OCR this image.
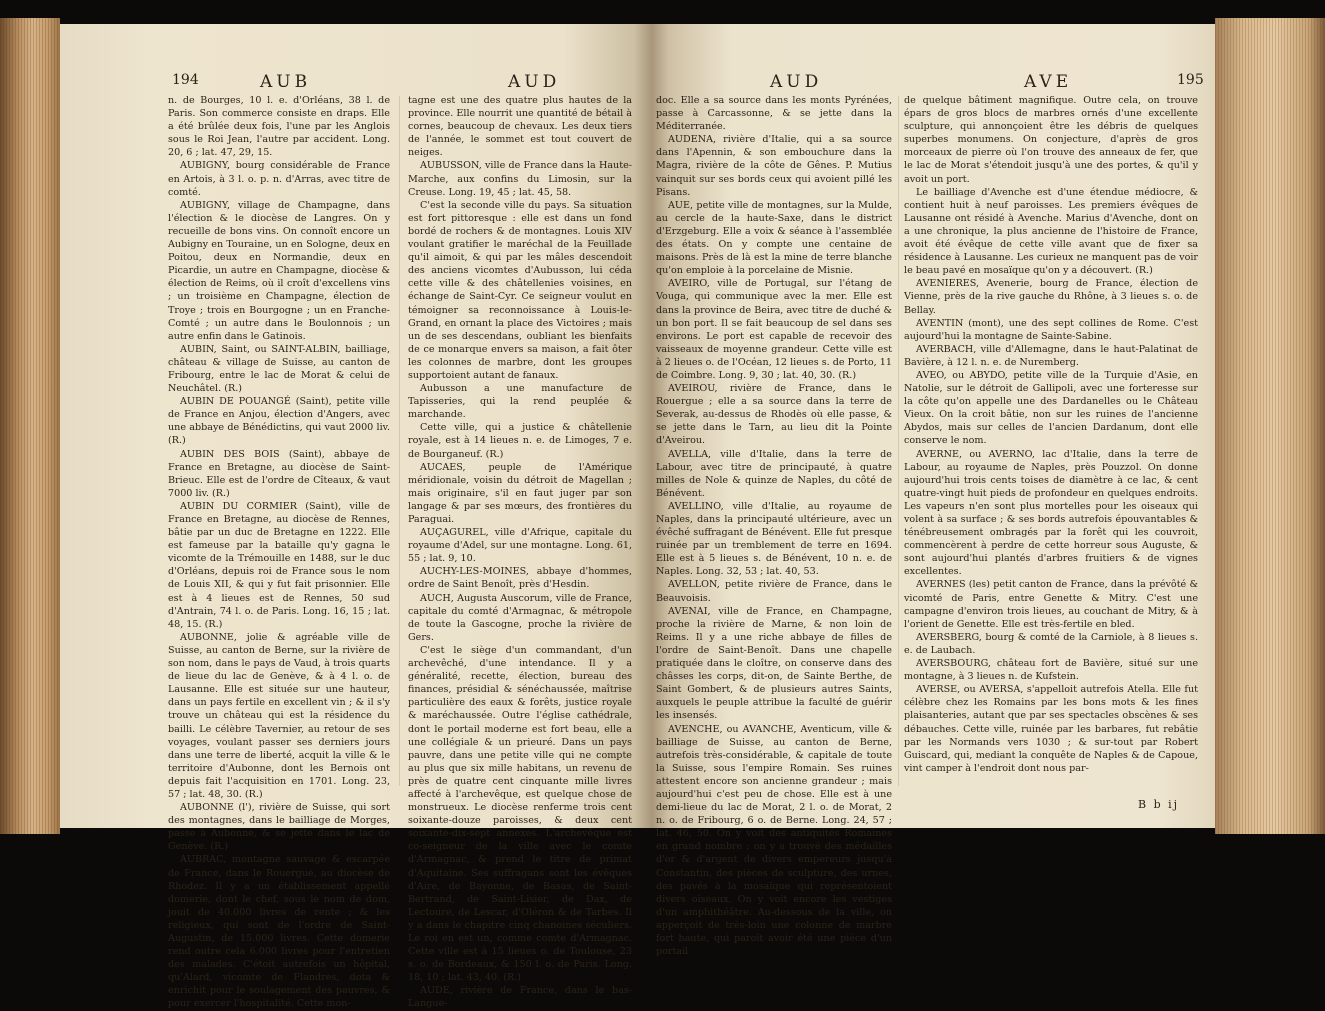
194	AUB	AUD

n. de Bourges, 10 l. e. d'Orléans, 38 l. de Paris. Son commerce consiste en draps. Elle a été brûlée deux fois, l'une par les Anglois sous le Roi Jean, l'autre par accident. Long. 20, 6 ; lat. 47, 29, 15.

AUBIGNY, bourg considérable de France en Artois, à 3 l. o. p. n. d'Arras, avec titre de comté.

AUBIGNY, village de Champagne, dans l'élection & le diocèse de Langres. On y recueille de bons vins. On connoît encore un Aubigny en Touraine, un en Sologne, deux en Poitou, deux en Normandie, deux en Picardie, un autre en Champagne, diocèse & élection de Reims, où il croît d'excellens vins ; un troisième en Champagne, élection de Troye ; trois en Bourgogne ; un en Franche-Comté ; un autre dans le Boulonnois ; un autre enfin dans le Gatinois.

AUBIN, Saint, ou SAINT-ALBIN, bailliage, château & village de Suisse, au canton de Fribourg, entre le lac de Morat & celui de Neuchâtel. (R.)

AUBIN DE POUANGÉ (Saint), petite ville de France en Anjou, élection d'Angers, avec une abbaye de Bénédictins, qui vaut 2000 liv. (R.)

AUBIN DES BOIS (Saint), abbaye de France en Bretagne, au diocèse de Saint-Brieuc. Elle est de l'ordre de Cîteaux, & vaut 7000 liv. (R.)

AUBIN DU CORMIER (Saint), ville de France en Bretagne, au diocèse de Rennes, bâtie par un duc de Bretagne en 1222. Elle est fameuse par la bataille qu'y gagna le vicomte de la Trémouille en 1488, sur le duc d'Orléans, depuis roi de France sous le nom de Louis XII, & qui y fut fait prisonnier. Elle est à 4 lieues est de Rennes, 50 sud d'Antrain, 74 l. o. de Paris. Long. 16, 15 ; lat. 48, 15. (R.)

AUBONNE, jolie & agréable ville de Suisse, au canton de Berne, sur la rivière de son nom, dans le pays de Vaud, à trois quarts de lieue du lac de Genève, & à 4 l. o. de Lausanne. Elle est située sur une hauteur, dans un pays fertile en excellent vin ; & il s'y trouve un château qui est la résidence du bailli. Le célèbre Tavernier, au retour de ses voyages, voulant passer ses derniers jours dans une terre de liberté, acquit la ville & le territoire d'Aubonne, dont les Bernois ont depuis fait l'acquisition en 1701. Long. 23, 57 ; lat. 48, 30. (R.)

AUBONNE (l'), rivière de Suisse, qui sort des montagnes, dans le bailliage de Morges, passe à Aubonne, & se jette dans le lac de Genève. (R.)

AUBRAC, montagne sauvage & escarpée de France, dans le Rouergue, au diocèse de Rhodez. Il y a un établissement appellé domerie, dont le chef, sous le nom de dom, jouit de 40.000 livres de rente ; & les religieux, qui sont de l'ordre de Saint-Augustin, de 15.000 livres. Cette domerie rend outre cela 6.000 livres pour l'entretien des malades. C'étoit autrefois un hôpital, qu'Alard, vicomte de Flandres, dota & enrichit pour le soulagement des pauvres, & pour exercer l'hospitalité. Cette mon-

tagne est une des quatre plus hautes de la province. Elle nourrit une quantité de bétail à cornes, beaucoup de chevaux. Les deux tiers de l'année, le sommet est tout couvert de neiges.

AUBUSSON, ville de France dans la Haute-Marche, aux confins du Limosin, sur la Creuse. Long. 19, 45 ; lat. 45, 58.

C'est la seconde ville du pays. Sa situation est fort pittoresque : elle est dans un fond bordé de rochers & de montagnes. Louis XIV voulant gratifier le maréchal de la Feuillade qu'il aimoit, & qui par les mâles descendoit des anciens vicomtes d'Aubusson, lui céda cette ville & des châtellenies voisines, en échange de Saint-Cyr. Ce seigneur voulut en témoigner sa reconnoissance à Louis-le-Grand, en ornant la place des Victoires ; mais un de ses descendans, oubliant les bienfaits de ce monarque envers sa maison, a fait ôter les colonnes de marbre, dont les groupes supportoient autant de fanaux.

Aubusson a une manufacture de Tapisseries, qui la rend peuplée & marchande.

Cette ville, qui a justice & châtellenie royale, est à 14 lieues n. e. de Limoges, 7 e. de Bourganeuf. (R.)

AUCAES, peuple de l'Amérique méridionale, voisin du détroit de Magellan ; mais originaire, s'il en faut juger par son langage & par ses mœurs, des frontières du Paraguai.

AUÇAGUREL, ville d'Afrique, capitale du royaume d'Adel, sur une montagne. Long. 61, 55 ; lat. 9, 10.

AUCHY-LES-MOINES, abbaye d'hommes, ordre de Saint Benoît, près d'Hesdin.

AUCH, Augusta Auscorum, ville de France, capitale du comté d'Armagnac, & métropole de toute la Gascogne, proche la rivière de Gers.

C'est le siège d'un commandant, d'un archevêché, d'une intendance. Il y a généralité, recette, élection, bureau des finances, présidial & sénéchaussée, maîtrise particulière des eaux & forêts, justice royale & maréchaussée. Outre l'église cathédrale, dont le portail moderne est fort beau, elle a une collégiale & un prieuré. Dans un pays pauvre, dans une petite ville qui ne compte au plus que six mille habitans, un revenu de près de quatre cent cinquante mille livres affecté à l'archevêque, est quelque chose de monstrueux. Le diocèse renferme trois cent soixante-douze paroisses, & deux cent soixante-dix-sept annexes. L'archevêque est co-seigneur de la ville avec le comte d'Armagnac, & prend le titre de primat d'Aquitaine. Ses suffragans sont les évêques d'Aire, de Bayonne, de Basas, de Saint-Bertrand, de Saint-Lisier, de Dax, de Lectoure, de Lescar, d'Oléron & de Tarbes. Il y a dans le chapitre cinq chanoines séculiers. Le roi en est un, comme comte d'Armagnac. Cette ville est à 15 lieues o. de Toulouse, 23 s. o. de Bordeaux, & 150 l. o. de Paris. Long. 18, 10 ; lat. 43, 40. (R.)

AUDE, rivière de France, dans le bas-Langue-

AUD	AVE	195

doc. Elle a sa source dans les monts Pyrénées, passe à Carcassonne, & se jette dans la Méditerranée.

AUDENA, rivière d'Italie, qui a sa source dans l'Apennin, & son embouchure dans la Magra, rivière de la côte de Gênes. P. Mutius vainquit sur ses bords ceux qui avoient pillé les Pisans.

AUE, petite ville de montagnes, sur la Mulde, au cercle de la haute-Saxe, dans le district d'Erzgeburg. Elle a voix & séance à l'assemblée des états. On y compte une centaine de maisons. Près de là est la mine de terre blanche qu'on emploie à la porcelaine de Misnie.

AVEIRO, ville de Portugal, sur l'étang de Vouga, qui communique avec la mer. Elle est dans la province de Beira, avec titre de duché & un bon port. Il se fait beaucoup de sel dans ses environs. Le port est capable de recevoir des vaisseaux de moyenne grandeur. Cette ville est à 2 lieues o. de l'Océan, 12 lieues s. de Porto, 11 de Coimbre. Long. 9, 30 ; lat. 40, 30. (R.)

AVEIROU, rivière de France, dans le Rouergue ; elle a sa source dans la terre de Severak, au-dessus de Rhodès où elle passe, & se jette dans le Tarn, au lieu dit la Pointe d'Aveirou.

AVELLA, ville d'Italie, dans la terre de Labour, avec titre de principauté, à quatre milles de Nole & quinze de Naples, du côté de Bénévent.

AVELLINO, ville d'Italie, au royaume de Naples, dans la principauté ultérieure, avec un évêché suffragant de Bénévent. Elle fut presque ruinée par un tremblement de terre en 1694. Elle est à 5 lieues s. de Bénévent, 10 n. e. de Naples. Long. 32, 53 ; lat. 40, 53.

AVELLON, petite rivière de France, dans le Beauvoisis.

AVENAI, ville de France, en Champagne, proche la rivière de Marne, & non loin de Reims. Il y a une riche abbaye de filles de l'ordre de Saint-Benoît. Dans une chapelle pratiquée dans le cloître, on conserve dans des châsses les corps, dit-on, de Sainte Berthe, de Saint Gombert, & de plusieurs autres Saints, auxquels le peuple attribue la faculté de guérir les insensés.

AVENCHE, ou AVANCHE, Aventicum, ville & bailliage de Suisse, au canton de Berne, autrefois très-considérable, & capitale de toute la Suisse, sous l'empire Romain. Ses ruines attestent encore son ancienne grandeur ; mais aujourd'hui c'est peu de chose. Elle est à une demi-lieue du lac de Morat, 2 l. o. de Morat, 2 n. o. de Fribourg, 6 o. de Berne. Long. 24, 57 ; lat. 46, 50. On y voit des antiquités Romaines en grand nombre ; on y a trouvé des médailles d'or & d'argent de divers empereurs jusqu'à Constantin, des pièces de sculpture, des urnes, des pavés à la mosaïque qui représentoient divers oiseaux. On y voit encore les vestiges d'un amphithéâtre. Au-dessous de la ville, on apperçoit de très-loin une colonne de marbre fort haute, qui paroît avoir été une pièce d'un portail

de quelque bâtiment magnifique. Outre cela, on trouve épars de gros blocs de marbres ornés d'une excellente sculpture, qui annonçoient être les débris de quelques superbes monumens. On conjecture, d'après de gros morceaux de pierre où l'on trouve des anneaux de fer, que le lac de Morat s'étendoit jusqu'à une des portes, & qu'il y avoit un port.

Le bailliage d'Avenche est d'une étendue médiocre, & contient huit à neuf paroisses. Les premiers évêques de Lausanne ont résidé à Avenche. Marius d'Avenche, dont on a une chronique, la plus ancienne de l'histoire de France, avoit été évêque de cette ville avant que de fixer sa résidence à Lausanne. Les curieux ne manquent pas de voir le beau pavé en mosaïque qu'on y a découvert. (R.)

AVENIERES, Avenerie, bourg de France, élection de Vienne, près de la rive gauche du Rhône, à 3 lieues s. o. de Bellay.

AVENTIN (mont), une des sept collines de Rome. C'est aujourd'hui la montagne de Sainte-Sabine.

AVERBACH, ville d'Allemagne, dans le haut-Palatinat de Bavière, à 12 l. n. e. de Nuremberg.

AVEO, ou ABYDO, petite ville de la Turquie d'Asie, en Natolie, sur le détroit de Gallipoli, avec une forteresse sur la côte qu'on appelle une des Dardanelles ou le Château Vieux. On la croit bâtie, non sur les ruines de l'ancienne Abydos, mais sur celles de l'ancien Dardanum, dont elle conserve le nom.

AVERNE, ou AVERNO, lac d'Italie, dans la terre de Labour, au royaume de Naples, près Pouzzol. On donne aujourd'hui trois cents toises de diamètre à ce lac, & cent quatre-vingt huit pieds de profondeur en quelques endroits. Les vapeurs n'en sont plus mortelles pour les oiseaux qui volent à sa surface ; & ses bords autrefois épouvantables & ténébreusement ombragés par la forêt qui les couvroit, commencèrent à perdre de cette horreur sous Auguste, & sont aujourd'hui plantés d'arbres fruitiers & de vignes excellentes.

AVERNES (les) petit canton de France, dans la prévôté & vicomté de Paris, entre Genette & Mitry. C'est une campagne d'environ trois lieues, au couchant de Mitry, & à l'orient de Genette. Elle est très-fertile en bled.

AVERSBERG, bourg & comté de la Carniole, à 8 lieues s. e. de Laubach.

AVERSBOURG, château fort de Bavière, situé sur une montagne, à 3 lieues n. de Kufstein.

AVERSE, ou AVERSA, s'appelloit autrefois Atella. Elle fut célèbre chez les Romains par les bons mots & les fines plaisanteries, autant que par ses spectacles obscènes & ses débauches. Cette ville, ruinée par les barbares, fut rebâtie par les Normands vers 1030 ; & sur-tout par Robert Guiscard, qui, mediant la conquête de Naples & de Capoue, vint camper à l'endroit dont nous par-

B b ij
